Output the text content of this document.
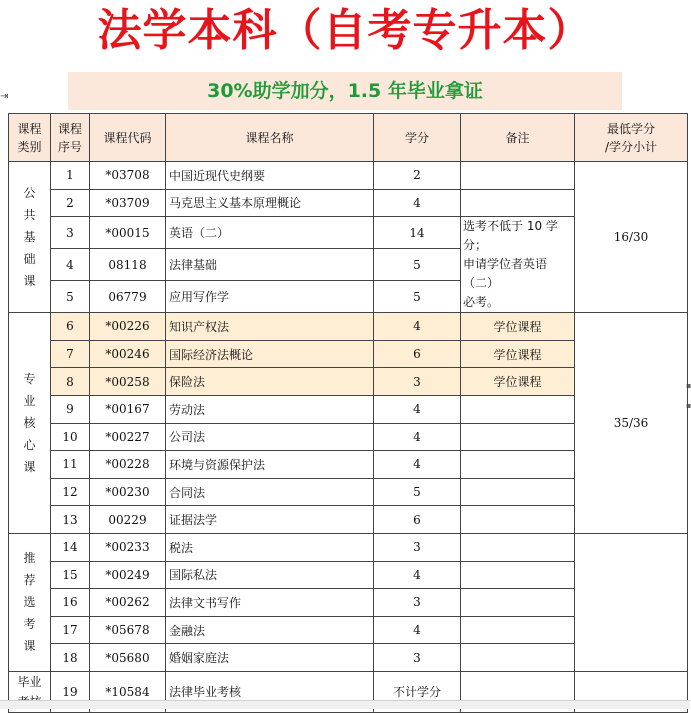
法学本科（自考专升本）
30%助学加分，1.5 年毕业拿证
⇥
▪
▪
课程
类别	课程
序号	课程代码	课程名称	学分	备注	最低学分
/学分小计
公
共
基
础
课	1	*03708	中国近现代史纲要	2		16/30
	2	*03709	马克思主义基本原理概论	4		
	3	*00015	英语（二）	14	选考不低于 10 学分；
申请学位者英语（二）
必考。	
	4	08118	法律基础	5		
	5	06779	应用写作学	5		
专
业
核
心
课	6	*00226	知识产权法	4	学位课程	35/36
	7	*00246	国际经济法概论	6	学位课程	
	8	*00258	保险法	3	学位课程	
	9	*00167	劳动法	4		
	10	*00227	公司法	4		
	11	*00228	环境与资源保护法	4		
	12	*00230	合同法	5		
	13	00229	证据法学	6		
推
荐
选
考
课	14	*00233	税法	3		
	15	*00249	国际私法	4		
	16	*00262	法律文书写作	3		
	17	*05678	金融法	4		
	18	*05680	婚姻家庭法	3		
毕业	19	*10584	法律毕业考核	不计学分		
